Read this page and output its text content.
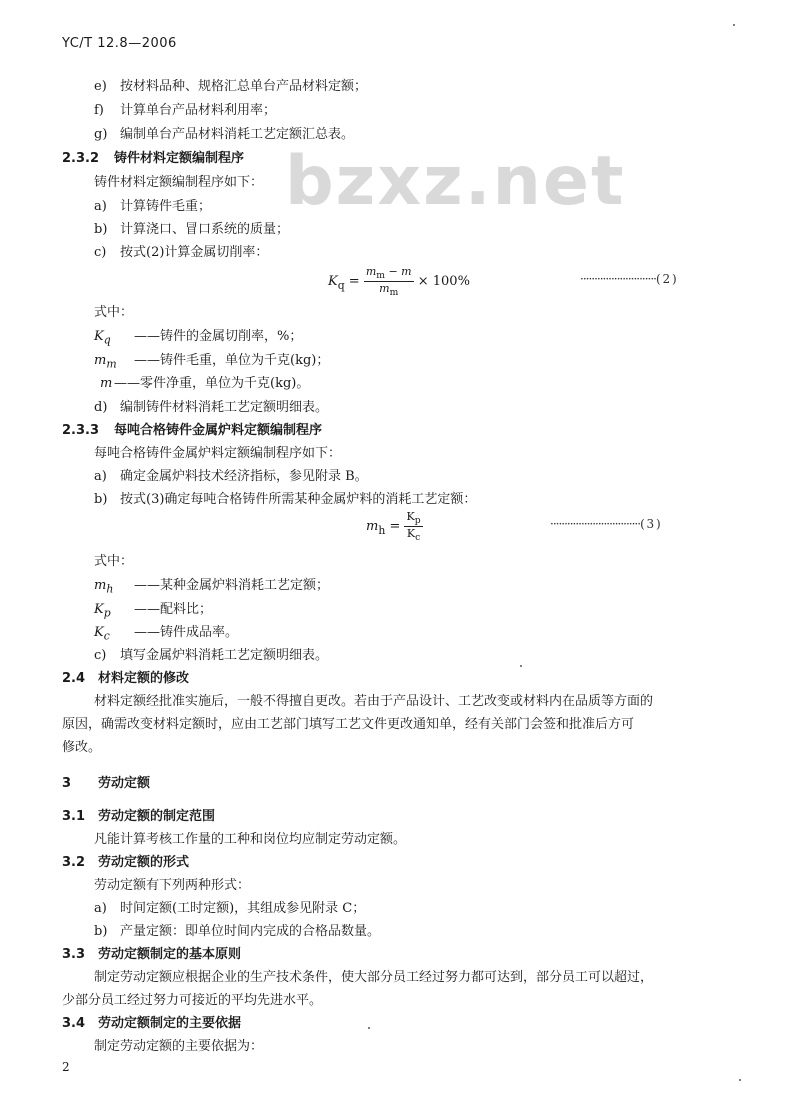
YC/T 12.8—2006
bzxz.net
e) 按材料品种、规格汇总单台产品材料定额；
f) 计算单台产品材料利用率；
g) 编制单台产品材料消耗工艺定额汇总表。
2.3.2 铸件材料定额编制程序
铸件材料定额编制程序如下：
a) 计算铸件毛重；
b) 计算浇口、冒口系统的质量；
c) 按式(2)计算金属切削率：
$K_q = \frac{m_m - m}{m_m} \times 100\%$	···························( 2 )
式中：
$K_q$ ——铸件的金属切削率，%；
$m_m$ ——铸件毛重，单位为千克(kg)；
m ——零件净重，单位为千克(kg)。
d) 编制铸件材料消耗工艺定额明细表。
2.3.3 每吨合格铸件金属炉料定额编制程序
每吨合格铸件金属炉料定额编制程序如下：
a) 确定金属炉料技术经济指标，参见附录 B。
b) 按式(3)确定每吨合格铸件所需某种金属炉料的消耗工艺定额：
$m_h = \frac{K_p}{K_c}$	································( 3 )
式中：
$m_h$ ——某种金属炉料消耗工艺定额；
$K_p$ ——配料比；
$K_c$ ——铸件成品率。
c) 填写金属炉料消耗工艺定额明细表。
2.4 材料定额的修改
材料定额经批准实施后，一般不得擅自更改。若由于产品设计、工艺改变或材料内在品质等方面的
原因，确需改变材料定额时，应由工艺部门填写工艺文件更改通知单，经有关部门会签和批准后方可
修改。
3 劳动定额
3.1 劳动定额的制定范围
凡能计算考核工作量的工种和岗位均应制定劳动定额。
3.2 劳动定额的形式
劳动定额有下列两种形式：
a) 时间定额(工时定额)，其组成参见附录 C；
b) 产量定额：即单位时间内完成的合格品数量。
3.3 劳动定额制定的基本原则
制定劳动定额应根据企业的生产技术条件，使大部分员工经过努力都可达到，部分员工可以超过，
少部分员工经过努力可接近的平均先进水平。
3.4 劳动定额制定的主要依据
制定劳动定额的主要依据为：
2
